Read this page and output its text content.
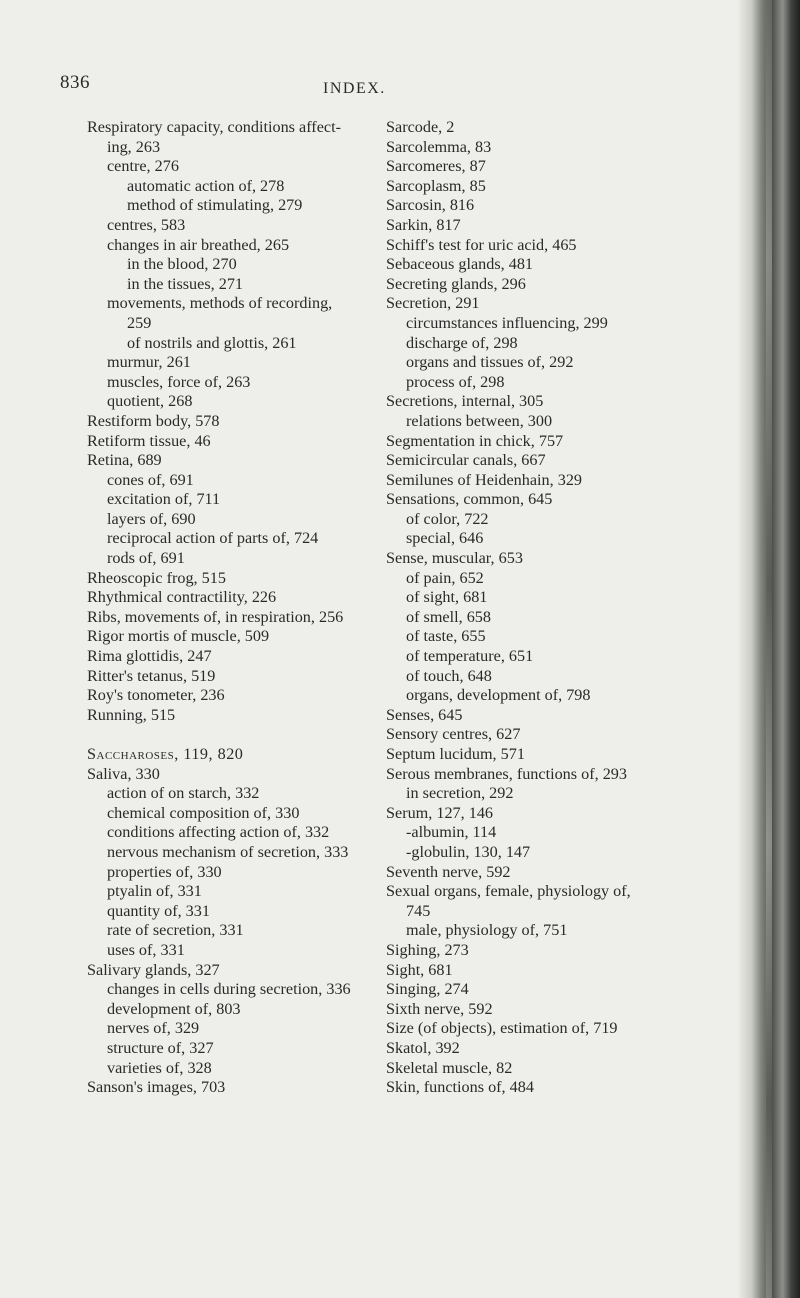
836	INDEX.
Respiratory capacity, conditions affect-
ing, 263
centre, 276
automatic action of, 278
method of stimulating, 279
centres, 583
changes in air breathed, 265
in the blood, 270
in the tissues, 271
movements, methods of recording,
259
of nostrils and glottis, 261
murmur, 261
muscles, force of, 263
quotient, 268
Restiform body, 578
Retiform tissue, 46
Retina, 689
cones of, 691
excitation of, 711
layers of, 690
reciprocal action of parts of, 724
rods of, 691
Rheoscopic frog, 515
Rhythmical contractility, 226
Ribs, movements of, in respiration, 256
Rigor mortis of muscle, 509
Rima glottidis, 247
Ritter's tetanus, 519
Roy's tonometer, 236
Running, 515
Saccharoses, 119, 820
Saliva, 330
action of on starch, 332
chemical composition of, 330
conditions affecting action of, 332
nervous mechanism of secretion, 333
properties of, 330
ptyalin of, 331
quantity of, 331
rate of secretion, 331
uses of, 331
Salivary glands, 327
changes in cells during secretion, 336
development of, 803
nerves of, 329
structure of, 327
varieties of, 328
Sanson's images, 703
Sarcode, 2
Sarcolemma, 83
Sarcomeres, 87
Sarcoplasm, 85
Sarcosin, 816
Sarkin, 817
Schiff's test for uric acid, 465
Sebaceous glands, 481
Secreting glands, 296
Secretion, 291
circumstances influencing, 299
discharge of, 298
organs and tissues of, 292
process of, 298
Secretions, internal, 305
relations between, 300
Segmentation in chick, 757
Semicircular canals, 667
Semilunes of Heidenhain, 329
Sensations, common, 645
of color, 722
special, 646
Sense, muscular, 653
of pain, 652
of sight, 681
of smell, 658
of taste, 655
of temperature, 651
of touch, 648
organs, development of, 798
Senses, 645
Sensory centres, 627
Septum lucidum, 571
Serous membranes, functions of, 293
in secretion, 292
Serum, 127, 146
-albumin, 114
-globulin, 130, 147
Seventh nerve, 592
Sexual organs, female, physiology of,
745
male, physiology of, 751
Sighing, 273
Sight, 681
Singing, 274
Sixth nerve, 592
Size (of objects), estimation of, 719
Skatol, 392
Skeletal muscle, 82
Skin, functions of, 484
